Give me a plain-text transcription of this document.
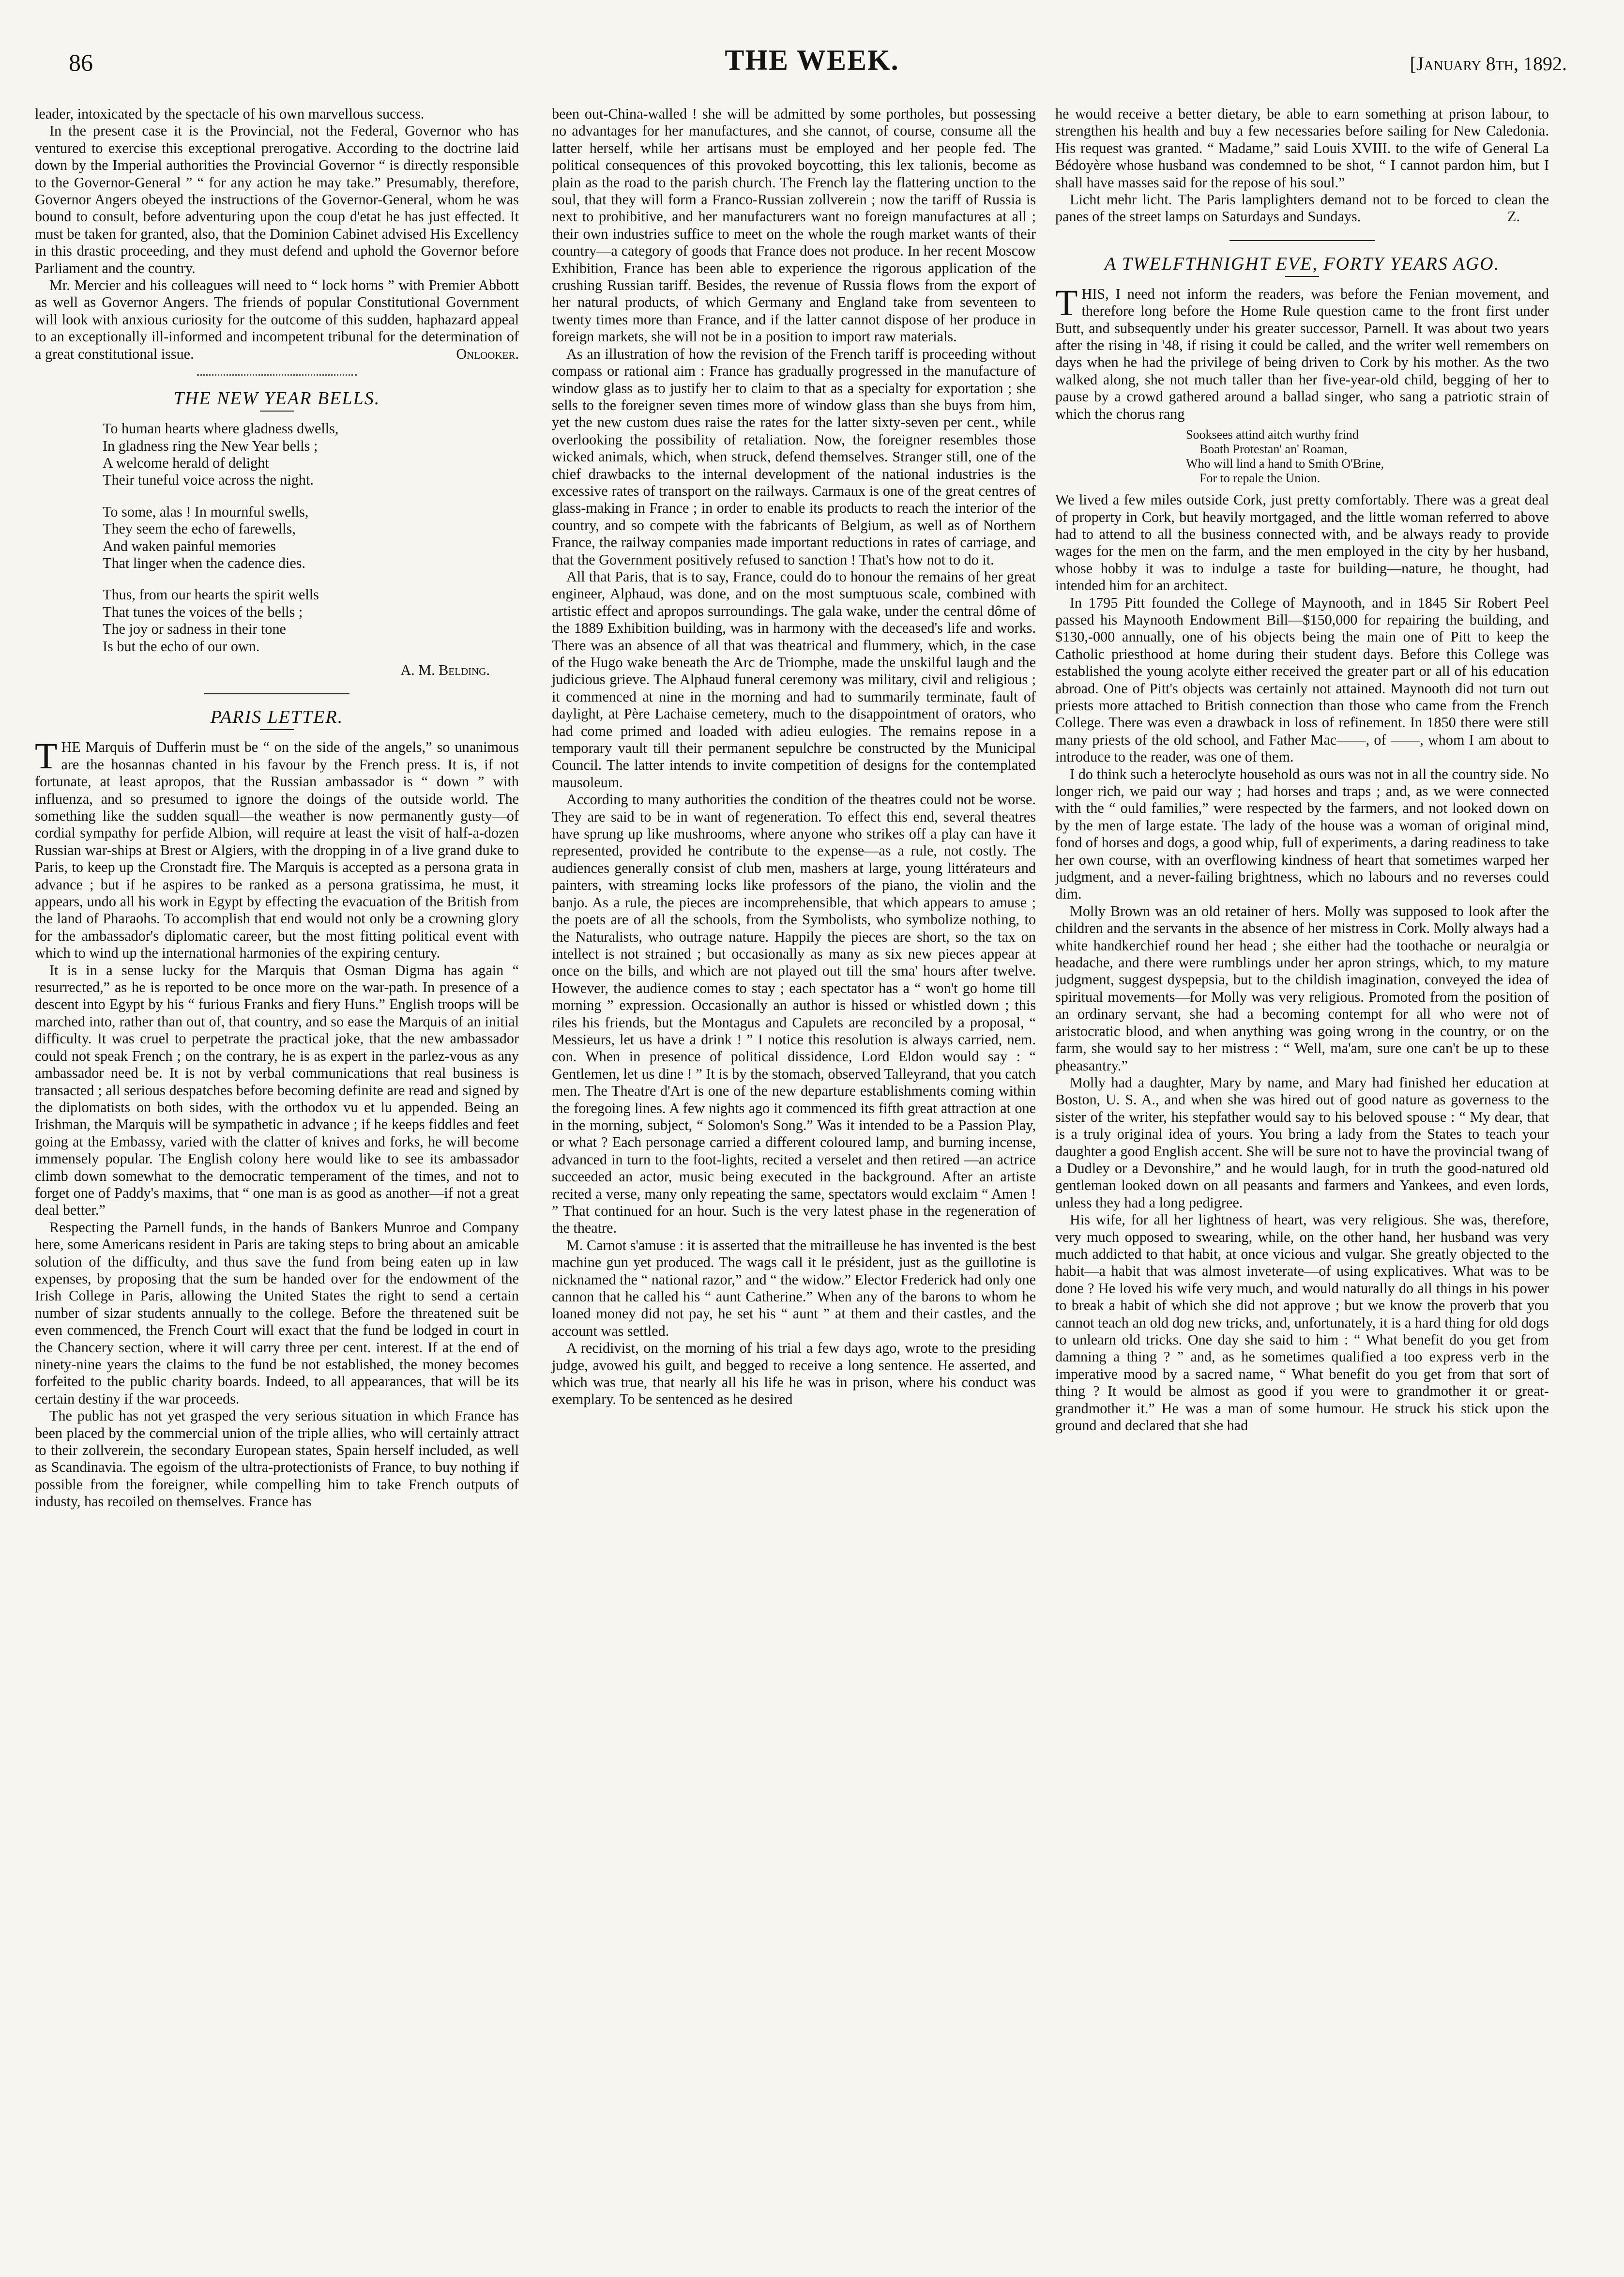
86	THE WEEK.	[January 8th, 1892.

leader, intoxicated by the spectacle of his own marvellous success.

In the present case it is the Provincial, not the Federal, Governor who has ventured to exercise this exceptional prerogative. According to the doctrine laid down by the Imperial authorities the Provincial Governor “ is directly responsible to the Governor-General ” “ for any action he may take.” Presumably, therefore, Governor Angers obeyed the instructions of the Governor-General, whom he was bound to consult, before adventuring upon the coup d'etat he has just effected. It must be taken for granted, also, that the Dominion Cabinet advised His Excellency in this drastic proceeding, and they must defend and uphold the Governor before Parliament and the country.

Mr. Mercier and his colleagues will need to “ lock horns ” with Premier Abbott as well as Governor Angers. The friends of popular Constitutional Government will look with anxious curiosity for the outcome of this sudden, haphazard appeal to an exceptionally ill-informed and incompetent tribunal for the determination of a great constitutional issue.	Onlooker.

THE NEW YEAR BELLS.
To human hearts where gladness dwells,
In gladness ring the New Year bells ;
A welcome herald of delight
Their tuneful voice across the night.
To some, alas ! In mournful swells,
They seem the echo of farewells,
And waken painful memories
That linger when the cadence dies.
Thus, from our hearts the spirit wells
That tunes the voices of the bells ;
The joy or sadness in their tone
Is but the echo of our own.
A. M. Belding.
PARIS LETTER.

THE Marquis of Dufferin must be “ on the side of the angels,” so unanimous are the hosannas chanted in his favour by the French press. It is, if not fortunate, at least apropos, that the Russian ambassador is “ down ” with influenza, and so presumed to ignore the doings of the outside world. The something like the sudden squall—the weather is now permanently gusty—of cordial sympathy for perfide Albion, will require at least the visit of half-a-dozen Russian war-ships at Brest or Algiers, with the dropping in of a live grand duke to Paris, to keep up the Cronstadt fire. The Marquis is accepted as a persona grata in advance ; but if he aspires to be ranked as a persona gratissima, he must, it appears, undo all his work in Egypt by effecting the evacuation of the British from the land of Pharaohs. To accomplish that end would not only be a crowning glory for the ambassador's diplomatic career, but the most fitting political event with which to wind up the international harmonies of the expiring century.

It is in a sense lucky for the Marquis that Osman Digma has again “ resurrected,” as he is reported to be once more on the war-path. In presence of a descent into Egypt by his “ furious Franks and fiery Huns.” English troops will be marched into, rather than out of, that country, and so ease the Marquis of an initial difficulty. It was cruel to perpetrate the practical joke, that the new ambassador could not speak French ; on the contrary, he is as expert in the parlez-vous as any ambassador need be. It is not by verbal communications that real business is transacted ; all serious despatches before becoming definite are read and signed by the diplomatists on both sides, with the orthodox vu et lu appended. Being an Irishman, the Marquis will be sympathetic in advance ; if he keeps fiddles and feet going at the Embassy, varied with the clatter of knives and forks, he will become immensely popular. The English colony here would like to see its ambassador climb down somewhat to the democratic temperament of the times, and not to forget one of Paddy's maxims, that “ one man is as good as another—if not a great deal better.”

Respecting the Parnell funds, in the hands of Bankers Munroe and Company here, some Americans resident in Paris are taking steps to bring about an amicable solution of the difficulty, and thus save the fund from being eaten up in law expenses, by proposing that the sum be handed over for the endowment of the Irish College in Paris, allowing the United States the right to send a certain number of sizar students annually to the college. Before the threatened suit be even commenced, the French Court will exact that the fund be lodged in court in the Chancery section, where it will carry three per cent. interest. If at the end of ninety-nine years the claims to the fund be not established, the money becomes forfeited to the public charity boards. Indeed, to all appearances, that will be its certain destiny if the war proceeds.

The public has not yet grasped the very serious situation in which France has been placed by the commercial union of the triple allies, who will certainly attract to their zollverein, the secondary European states, Spain herself included, as well as Scandinavia. The egoism of the ultra-protectionists of France, to buy nothing if possible from the foreigner, while compelling him to take French outputs of industy, has recoiled on themselves. France has

been out-China-walled ! she will be admitted by some portholes, but possessing no advantages for her manufactures, and she cannot, of course, consume all the latter herself, while her artisans must be employed and her people fed. The political consequences of this provoked boycotting, this lex talionis, become as plain as the road to the parish church. The French lay the flattering unction to the soul, that they will form a Franco-Russian zollverein ; now the tariff of Russia is next to prohibitive, and her manufacturers want no foreign manufactures at all ; their own industries suffice to meet on the whole the rough market wants of their country—a category of goods that France does not produce. In her recent Moscow Exhibition, France has been able to experience the rigorous application of the crushing Russian tariff. Besides, the revenue of Russia flows from the export of her natural products, of which Germany and England take from seventeen to twenty times more than France, and if the latter cannot dispose of her produce in foreign markets, she will not be in a position to import raw materials.

As an illustration of how the revision of the French tariff is proceeding without compass or rational aim : France has gradually progressed in the manufacture of window glass as to justify her to claim to that as a specialty for exportation ; she sells to the foreigner seven times more of window glass than she buys from him, yet the new custom dues raise the rates for the latter sixty-seven per cent., while overlooking the possibility of retaliation. Now, the foreigner resembles those wicked animals, which, when struck, defend themselves. Stranger still, one of the chief drawbacks to the internal development of the national industries is the excessive rates of transport on the railways. Carmaux is one of the great centres of glass-making in France ; in order to enable its products to reach the interior of the country, and so compete with the fabricants of Belgium, as well as of Northern France, the railway companies made important reductions in rates of carriage, and that the Government positively refused to sanction ! That's how not to do it.

All that Paris, that is to say, France, could do to honour the remains of her great engineer, Alphaud, was done, and on the most sumptuous scale, combined with artistic effect and apropos surroundings. The gala wake, under the central dôme of the 1889 Exhibition building, was in harmony with the deceased's life and works. There was an absence of all that was theatrical and flummery, which, in the case of the Hugo wake beneath the Arc de Triomphe, made the unskilful laugh and the judicious grieve. The Alphaud funeral ceremony was military, civil and religious ; it commenced at nine in the morning and had to summarily terminate, fault of daylight, at Père Lachaise cemetery, much to the disappointment of orators, who had come primed and loaded with adieu eulogies. The remains repose in a temporary vault till their permanent sepulchre be constructed by the Municipal Council. The latter intends to invite competition of designs for the contemplated mausoleum.

According to many authorities the condition of the theatres could not be worse. They are said to be in want of regeneration. To effect this end, several theatres have sprung up like mushrooms, where anyone who strikes off a play can have it represented, provided he contribute to the expense—as a rule, not costly. The audiences generally consist of club men, mashers at large, young littérateurs and painters, with streaming locks like professors of the piano, the violin and the banjo. As a rule, the pieces are incomprehensible, that which appears to amuse ; the poets are of all the schools, from the Symbolists, who symbolize nothing, to the Naturalists, who outrage nature. Happily the pieces are short, so the tax on intellect is not strained ; but occasionally as many as six new pieces appear at once on the bills, and which are not played out till the sma' hours after twelve. However, the audience comes to stay ; each spectator has a “ won't go home till morning ” expression. Occasionally an author is hissed or whistled down ; this riles his friends, but the Montagus and Capulets are reconciled by a proposal, “ Messieurs, let us have a drink ! ” I notice this resolution is always carried, nem. con. When in presence of political dissidence, Lord Eldon would say : “ Gentlemen, let us dine ! ” It is by the stomach, observed Talleyrand, that you catch men. The Theatre d'Art is one of the new departure establishments coming within the foregoing lines. A few nights ago it commenced its fifth great attraction at one in the morning, subject, “ Solomon's Song.” Was it intended to be a Passion Play, or what ? Each personage carried a different coloured lamp, and burning incense, advanced in turn to the foot-lights, recited a verselet and then retired —an actrice succeeded an actor, music being executed in the background. After an artiste recited a verse, many only repeating the same, spectators would exclaim “ Amen ! ” That continued for an hour. Such is the very latest phase in the regeneration of the theatre.

M. Carnot s'amuse : it is asserted that the mitrailleuse he has invented is the best machine gun yet produced. The wags call it le président, just as the guillotine is nicknamed the “ national razor,” and “ the widow.” Elector Frederick had only one cannon that he called his “ aunt Catherine.” When any of the barons to whom he loaned money did not pay, he set his “ aunt ” at them and their castles, and the account was settled.

A recidivist, on the morning of his trial a few days ago, wrote to the presiding judge, avowed his guilt, and begged to receive a long sentence. He asserted, and which was true, that nearly all his life he was in prison, where his conduct was exemplary. To be sentenced as he desired

he would receive a better dietary, be able to earn something at prison labour, to strengthen his health and buy a few necessaries before sailing for New Caledonia. His request was granted. “ Madame,” said Louis XVIII. to the wife of General La Bédoyère whose husband was condemned to be shot, “ I cannot pardon him, but I shall have masses said for the repose of his soul.”

Licht mehr licht. The Paris lamplighters demand not to be forced to clean the panes of the street lamps on Saturdays and Sundays.	Z.

A TWELFTHNIGHT EVE, FORTY YEARS AGO.

THIS, I need not inform the readers, was before the Fenian movement, and therefore long before the Home Rule question came to the front first under Butt, and subsequently under his greater successor, Parnell. It was about two years after the rising in '48, if rising it could be called, and the writer well remembers on days when he had the privilege of being driven to Cork by his mother. As the two walked along, she not much taller than her five-year-old child, begging of her to pause by a crowd gathered around a ballad singer, who sang a patriotic strain of which the chorus rang

Sooksees attind aitch wurthy frind
Boath Protestan' an' Roaman,
Who will lind a hand to Smith O'Brine,
For to repale the Union.

We lived a few miles outside Cork, just pretty comfortably. There was a great deal of property in Cork, but heavily mortgaged, and the little woman referred to above had to attend to all the business connected with, and be always ready to provide wages for the men on the farm, and the men employed in the city by her husband, whose hobby it was to indulge a taste for building—nature, he thought, had intended him for an architect.

In 1795 Pitt founded the College of Maynooth, and in 1845 Sir Robert Peel passed his Maynooth Endowment Bill—$150,000 for repairing the building, and $130,-000 annually, one of his objects being the main one of Pitt to keep the Catholic priesthood at home during their student days. Before this College was established the young acolyte either received the greater part or all of his education abroad. One of Pitt's objects was certainly not attained. Maynooth did not turn out priests more attached to British connection than those who came from the French College. There was even a drawback in loss of refinement. In 1850 there were still many priests of the old school, and Father Mac——, of ——, whom I am about to introduce to the reader, was one of them.

I do think such a heteroclyte household as ours was not in all the country side. No longer rich, we paid our way ; had horses and traps ; and, as we were connected with the “ ould families,” were respected by the farmers, and not looked down on by the men of large estate. The lady of the house was a woman of original mind, fond of horses and dogs, a good whip, full of experiments, a daring readiness to take her own course, with an overflowing kindness of heart that sometimes warped her judgment, and a never-failing brightness, which no labours and no reverses could dim.

Molly Brown was an old retainer of hers. Molly was supposed to look after the children and the servants in the absence of her mistress in Cork. Molly always had a white handkerchief round her head ; she either had the toothache or neuralgia or headache, and there were rumblings under her apron strings, which, to my mature judgment, suggest dyspepsia, but to the childish imagination, conveyed the idea of spiritual movements—for Molly was very religious. Promoted from the position of an ordinary servant, she had a becoming contempt for all who were not of aristocratic blood, and when anything was going wrong in the country, or on the farm, she would say to her mistress : “ Well, ma'am, sure one can't be up to these pheasantry.”

Molly had a daughter, Mary by name, and Mary had finished her education at Boston, U. S. A., and when she was hired out of good nature as governess to the sister of the writer, his stepfather would say to his beloved spouse : “ My dear, that is a truly original idea of yours. You bring a lady from the States to teach your daughter a good English accent. She will be sure not to have the provincial twang of a Dudley or a Devonshire,” and he would laugh, for in truth the good-natured old gentleman looked down on all peasants and farmers and Yankees, and even lords, unless they had a long pedigree.

His wife, for all her lightness of heart, was very religious. She was, therefore, very much opposed to swearing, while, on the other hand, her husband was very much addicted to that habit, at once vicious and vulgar. She greatly objected to the habit—a habit that was almost inveterate—of using explicatives. What was to be done ? He loved his wife very much, and would naturally do all things in his power to break a habit of which she did not approve ; but we know the proverb that you cannot teach an old dog new tricks, and, unfortunately, it is a hard thing for old dogs to unlearn old tricks. One day she said to him : “ What benefit do you get from damning a thing ? ” and, as he sometimes qualified a too express verb in the imperative mood by a sacred name, “ What benefit do you get from that sort of thing ? It would be almost as good if you were to grandmother it or great-grandmother it.” He was a man of some humour. He struck his stick upon the ground and declared that she had
